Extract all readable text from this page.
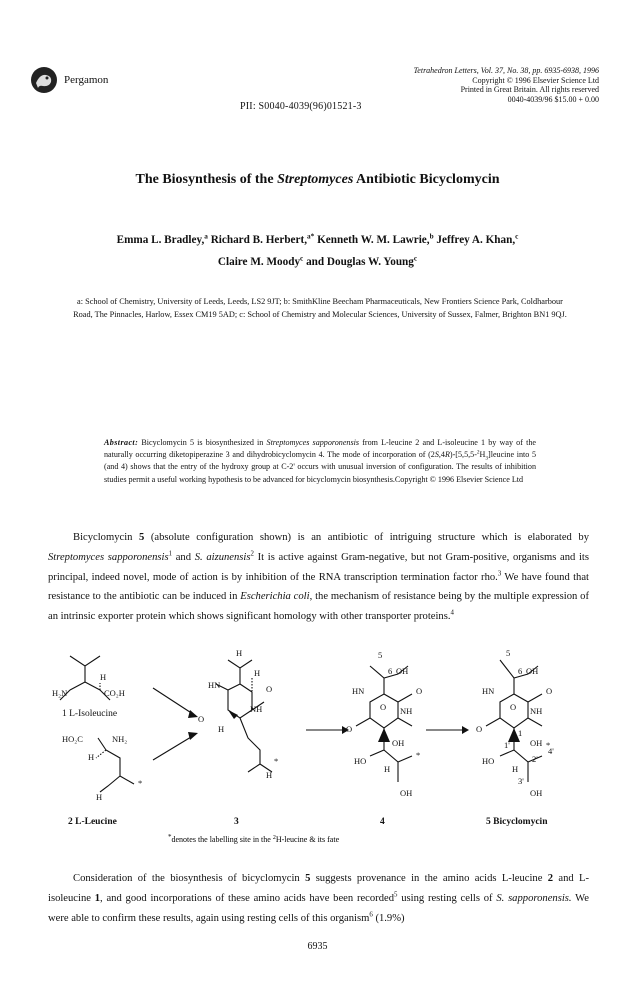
Pergamon
Tetrahedron Letters, Vol. 37, No. 38, pp. 6935-6938, 1996
Copyright © 1996 Elsevier Science Ltd
Printed in Great Britain. All rights reserved
0040-4039/96 $15.00 + 0.00
PII: S0040-4039(96)01521-3
The Biosynthesis of the Streptomyces Antibiotic Bicyclomycin
Emma L. Bradley,$^a$ Richard B. Herbert,$^{a*}$ Kenneth W. M. Lawrie,$^b$ Jeffrey A. Khan,$^c$
Claire M. Moody$^c$ and Douglas W. Young$^c$
a: School of Chemistry, University of Leeds, Leeds, LS2 9JT; b: SmithKline Beecham Pharmaceuticals, New Frontiers Science Park, Coldharbour Road, The Pinnacles, Harlow, Essex CM19 5AD; c: School of Chemistry and Molecular Sciences, University of Sussex, Falmer, Brighton BN1 9QJ.
Abstract: Bicyclomycin 5 is biosynthesized in Streptomyces sapporonensis from L-leucine 2 and L-isoleucine 1 by way of the naturally occurring diketopiperazine 3 and dihydrobicyclomycin 4. The mode of incorporation of $(2S,4R)-[5,5,5-^2H_3]leucine$ into 5 (and 4) shows that the entry of the hydroxy group at C-2' occurs with unusual inversion of configuration. The results of inhibition studies permit a useful working hypothesis to be advanced for bicyclomycin biosynthesis.Copyright © 1996 Elsevier Science Ltd
Bicyclomycin 5 (absolute configuration shown) is an antibiotic of intriguing structure which is elaborated by Streptomyces sapporonensis$^1$ and S. aizunensis$^2$ It is active against Gram-negative, but not Gram-positive, organisms and its principal, indeed novel, mode of action is by inhibition of the RNA transcription termination factor rho.$^3$ We have found that resistance to the antibiotic can be induced in Escherichia coli, the mechanism of resistance being by the multiple expression of an intrinsic exporter protein which shows significant homology with other transporter proteins.$^4$
H
H₂N	CO₂H
HO₂C	NH₂
H
H
*
H
H
HN	O
NH
O
H
H
*
5
6 OH
HN	O
O NH
O
OH
HO
H
OH
*
5
6 OH
HN	O
O NH
O	1
OH
1'
HO	2'
4'
H
3'
OH
*
1 L-Isoleucine
2 L-Leucine	3	4	5 Bicyclomycin
*denotes the labelling site in the $^2$H-leucine & its fate
Consideration of the biosynthesis of bicyclomycin 5 suggests provenance in the amino acids L-leucine 2 and L-isoleucine 1, and good incorporations of these amino acids have been recorded$^5$ using resting cells of S. sapporonensis. We were able to confirm these results, again using resting cells of this organism$^6$ (1.9%)
6935
